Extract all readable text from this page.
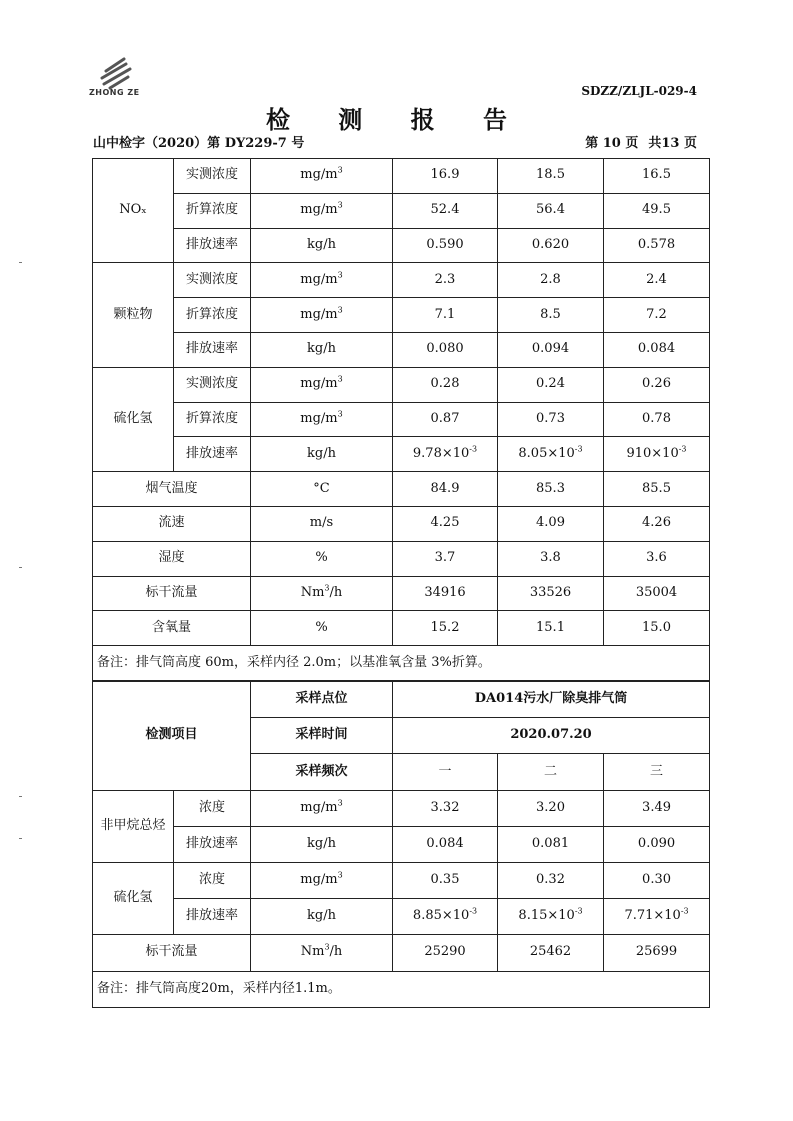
ZHONG ZE	SDZZ/ZLJL-029-4
检 测 报 告
山中检字（2020）第 DY229-7 号	第 10 页 共13 页
NOₓ	实测浓度	$mg/m^3$	16.9	18.5	16.5
	折算浓度	$mg/m^3$	52.4	56.4	49.5
	排放速率	kg/h	0.590	0.620	0.578
颗粒物	实测浓度	$mg/m^3$	2.3	2.8	2.4
	折算浓度	$mg/m^3$	7.1	8.5	7.2
	排放速率	kg/h	0.080	0.094	0.084
硫化氢	实测浓度	$mg/m^3$	0.28	0.24	0.26
	折算浓度	$mg/m^3$	0.87	0.73	0.78
	排放速率	kg/h	$9.78\times 10^{-3}$	$8.05\times 10^{-3}$	$910\times 10^{-3}$
烟气温度		°C	84.9	85.3	85.5
流速		m/s	4.25	4.09	4.26
湿度		%	3.7	3.8	3.6
标干流量		Nm$^3$/h	34916	33526	35004
含氧量		%	15.2	15.1	15.0
备注：排气筒高度 60m，采样内径 2.0m；以基准氧含量 3%折算。					
检测项目		采样点位	DA014污水厂除臭排气筒		
		采样时间	2020.07.20		
		采样频次	一	二	三
非甲烷总烃	浓度	$mg/m^3$	3.32	3.20	3.49
	排放速率	kg/h	0.084	0.081	0.090
硫化氢	浓度	$mg/m^3$	0.35	0.32	0.30
	排放速率	kg/h	$8.85\times 10^{-3}$	$8.15\times 10^{-3}$	$7.71\times 10^{-3}$
标干流量		Nm$^3$/h	25290	25462	25699
备注：排气筒高度20m，采样内径1.1m。					
